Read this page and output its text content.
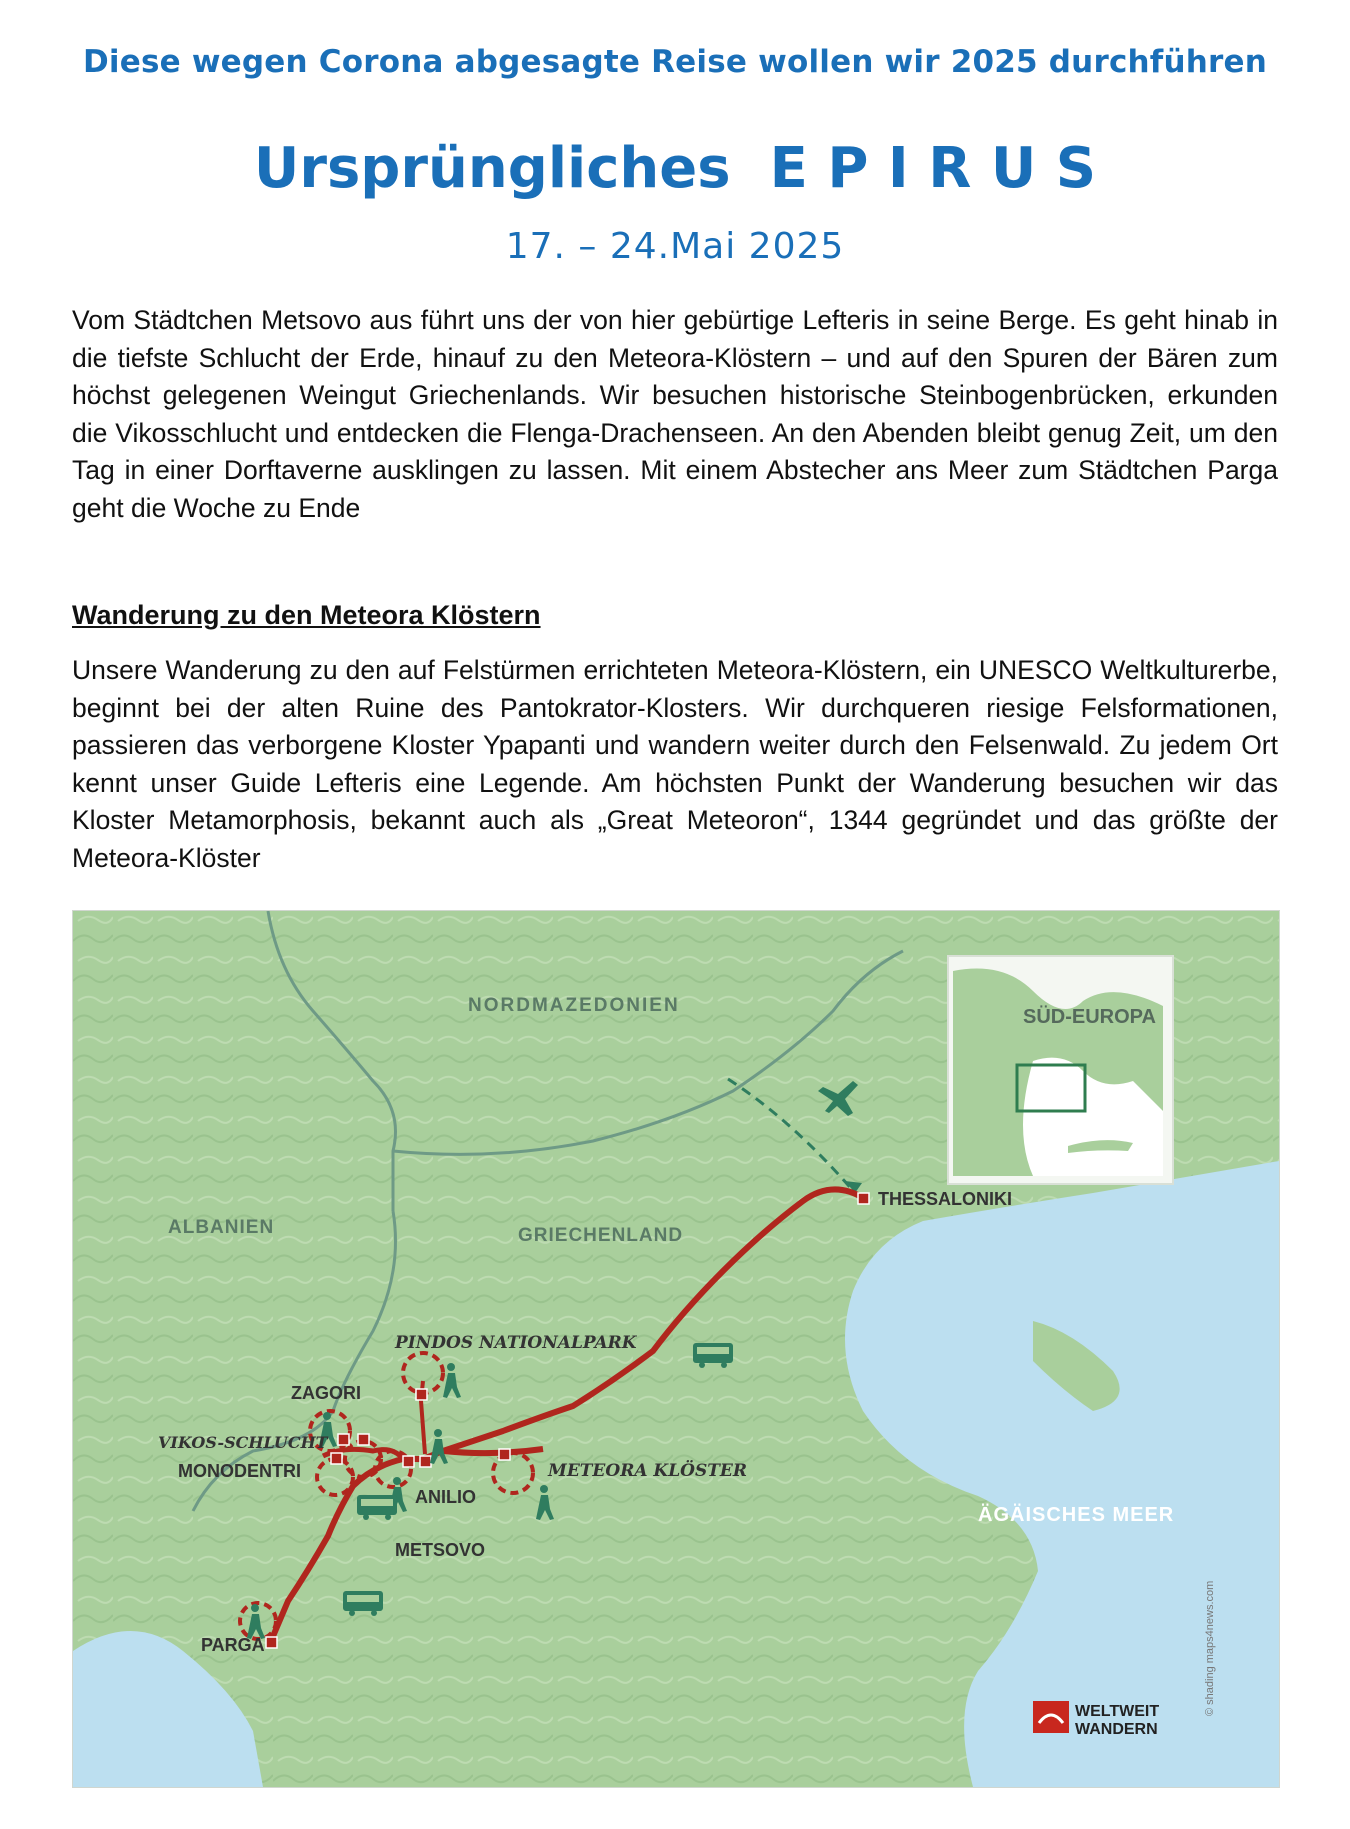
Diese wegen Corona abgesagte Reise wollen wir 2025 durchführen
Ursprüngliches  E P I R U S
17. – 24.Mai 2025
Vom Städtchen Metsovo aus führt uns der von hier gebürtige Lefteris in seine Berge. Es geht hinab in die tiefste Schlucht der Erde, hinauf zu den Meteora-Klöstern – und auf den Spuren der Bären zum höchst gelegenen Weingut Griechenlands. Wir besuchen historische Steinbogenbrücken, erkunden die Vikosschlucht und entdecken die Flenga-Drachenseen. An den Abenden bleibt genug Zeit, um den Tag in einer Dorftaverne ausklingen zu lassen. Mit einem Abstecher ans Meer zum Städtchen Parga geht die Woche zu Ende
Wanderung zu den Meteora Klöstern
Unsere Wanderung zu den auf Felstürmen errichteten Meteora-Klöstern, ein UNESCO Weltkulturerbe, beginnt bei der alten Ruine des Pantokrator-Klosters. Wir durchqueren riesige Felsformationen, passieren das verborgene Kloster Ypapanti und wandern weiter durch den Felsenwald. Zu jedem Ort kennt unser Guide Lefteris eine Legende. Am höchsten Punkt der Wanderung besuchen wir das Kloster Metamorphosis, bekannt auch als „Great Meteoron“, 1344 gegründet und das größte der Meteora-Klöster
SÜD-EUROPA
NORDMAZEDONIEN
ALBANIEN	GRIECHENLAND
ÄGÄISCHES MEER
THESSALONIKI
PINDOS NATIONALPARK
ZAGORI
VIKOS-SCHLUCHT
MONODENTRI
ANILIO
METEORA KLÖSTER
METSOVO
PARGA	© shading maps4news.com
WELTWEIT
WANDERN
